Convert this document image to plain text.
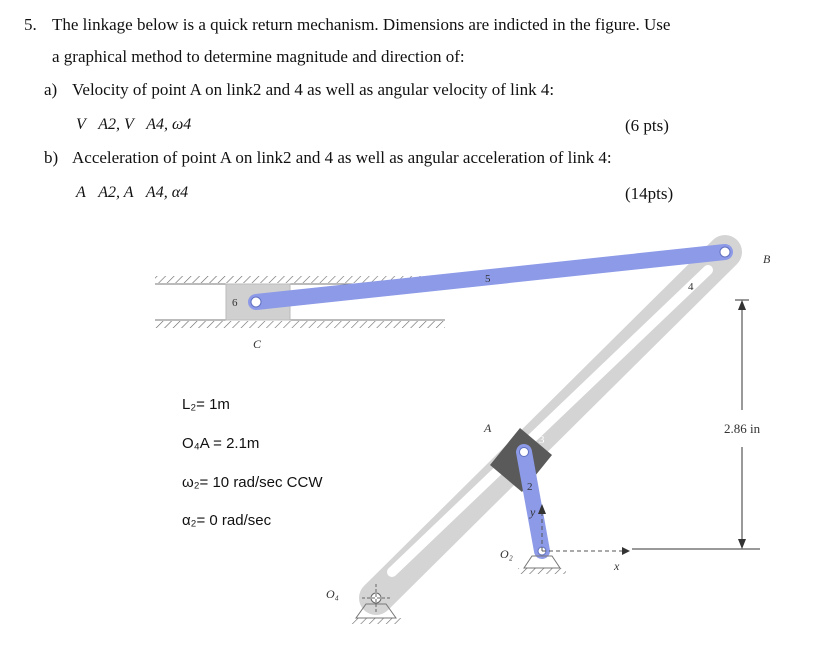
5. The linkage below is a quick return mechanism. Dimensions are indicted in the figure. Use
a graphical method to determine magnitude and direction of:
a) Velocity of point A on link2 and 4 as well as angular velocity of link 4:
V⃗A2, V⃗A4, ω4	(6 pts)
b) Acceleration of point A on link2 and 4 as well as angular acceleration of link 4:
A⃗A2, A⃗A4, α4	(14pts)
B
C
A
O₂
O₄
x
y
2
3
4
5
6
2.86 in
L₂= 1m
O₄A = 2.1m
ω₂= 10 rad/sec CCW
α₂= 0 rad/sec
